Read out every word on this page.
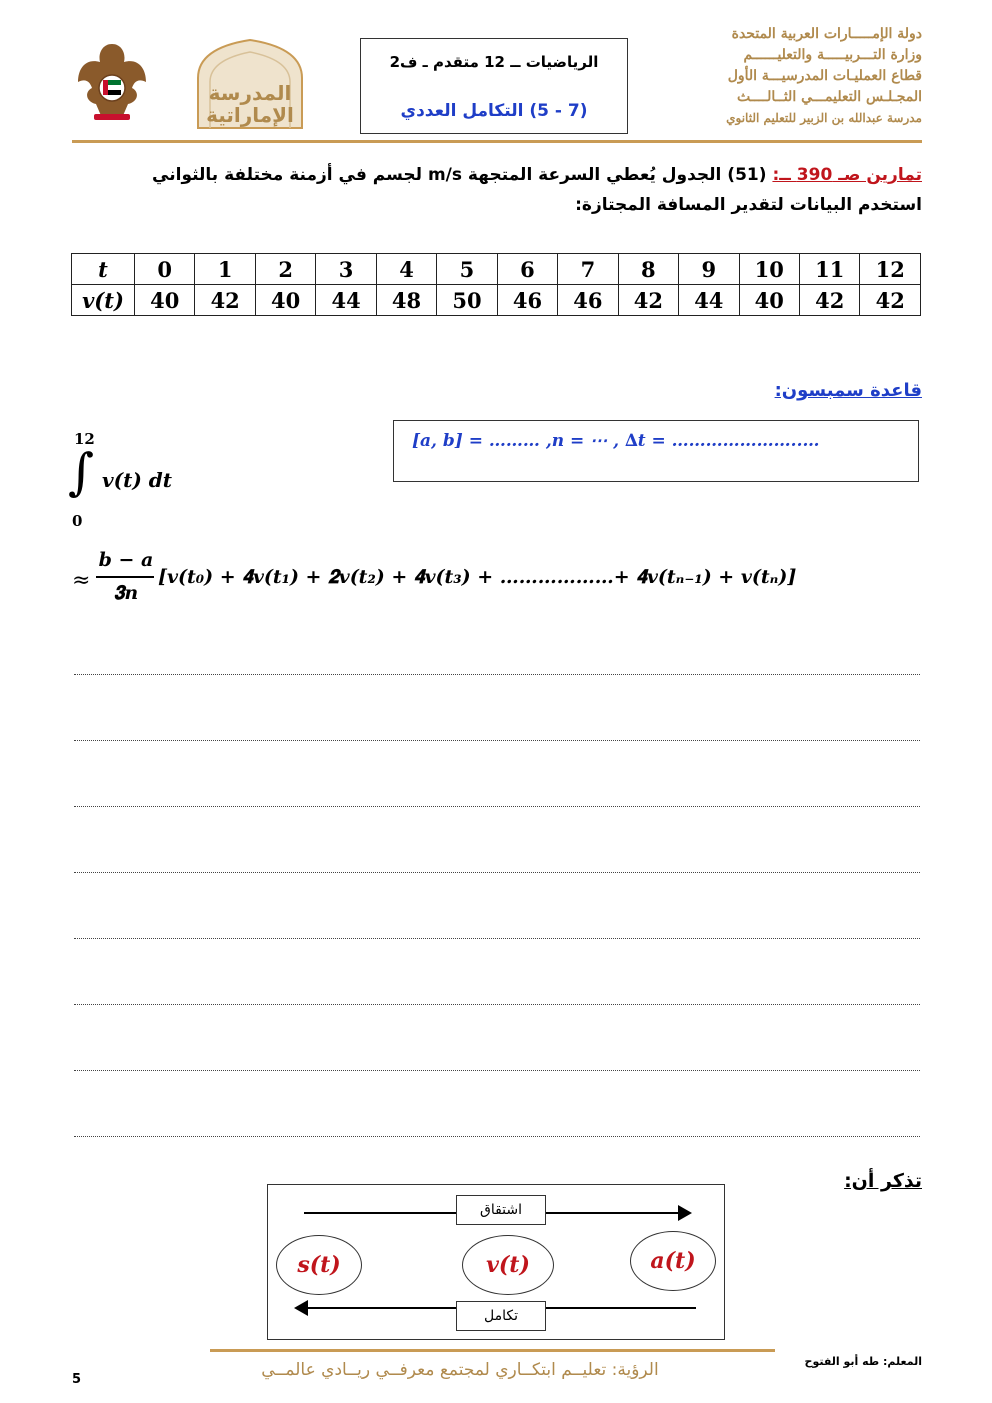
المدرسة
الإماراتية
الرياضيات ــ 12 متقدم ـ ف2
(7 - 5) التكامل العددي
دولة الإمـــــارات العربية المتحدة
وزارة التـــربيـــــة والتعليــــــم
قطاع العمليـات المدرسيـــة الأول
المجـلـس التعليمـــي الثــالــــث
مدرسة عبدالله بن الزبير للتعليم الثانوي
تمارين صـ 390 ــ: (51) الجدول يُعطي السرعة المتجهة m/s لجسم في أزمنة مختلفة بالثواني
استخدم البيانات لتقدير المسافة المجتازة:
t	0	1	2	3	4	5	6	7	8	9	10	11	12
v(t)	40	42	40	44	48	50	46	46	42	44	40	42	42
قاعدة سمبسون:
[𝒂, 𝒃] = ……… ,𝒏 = ⋯ , ∆𝒕 = …………………..…
12
∫
0
𝒗(𝒕) 𝒅𝒕
≈
𝒃 − 𝒂
𝟑𝒏
[𝒗(𝒕₀) + 𝟒𝒗(𝒕₁) + 𝟐𝒗(𝒕₂) + 𝟒𝒗(𝒕₃) + ………………+ 𝟒𝒗(𝒕ₙ₋₁) + 𝒗(𝒕ₙ)]
تذكر أن:
اشتقاق
𝒔(𝒕)	𝒗(𝒕)	𝒂(𝒕)
تكامل
المعلم: طه أبو الفتوح
الرؤية: تعليــم ابتكــاري لمجتمع معرفــي ريــادي عالمــي
5
